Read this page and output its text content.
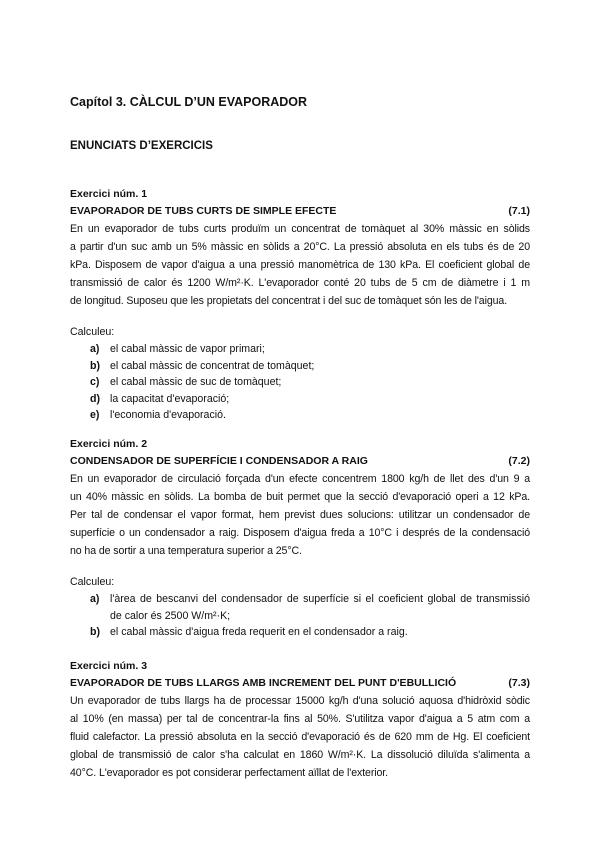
Capítol 3. CÀLCUL D’UN EVAPORADOR
ENUNCIATS D’EXERCICIS
Exercici núm. 1
EVAPORADOR DE TUBS CURTS DE SIMPLE EFECTE	(7.1)
En un evaporador de tubs curts produïm un concentrat de tomàquet al 30% màssic en sòlids
a partir d'un suc amb un 5% màssic en sòlids a 20°C. La pressió absoluta en els tubs és de 20
kPa. Disposem de vapor d'aigua a una pressió manomètrica de 130 kPa. El coeficient global de
transmissió de calor és 1200 W/m²·K. L'evaporador conté 20 tubs de 5 cm de diàmetre i 1 m
de longitud. Suposeu que les propietats del concentrat i del suc de tomàquet són les de l'aigua.
Calculeu:
a) el cabal màssic de vapor primari;
b) el cabal màssic de concentrat de tomàquet;
c) el cabal màssic de suc de tomàquet;
d) la capacitat d'evaporació;
e) l'economia d'evaporació.
Exercici núm. 2
CONDENSADOR DE SUPERFÍCIE I CONDENSADOR A RAIG	(7.2)
En un evaporador de circulació forçada d'un efecte concentrem 1800 kg/h de llet des d'un 9 a
un 40% màssic en sòlids. La bomba de buit permet que la secció d'evaporació operi a 12 kPa.
Per tal de condensar el vapor format, hem previst dues solucions: utilitzar un condensador de
superfície o un condensador a raig. Disposem d'aigua freda a 10°C i després de la condensació
no ha de sortir a una temperatura superior a 25°C.
Calculeu:
a) l'àrea de bescanvi del condensador de superfície si el coeficient global de transmissió
de calor és 2500 W/m²·K;
b) el cabal màssic d'aigua freda requerit en el condensador a raig.
Exercici núm. 3
EVAPORADOR DE TUBS LLARGS AMB INCREMENT DEL PUNT D'EBULLICIÓ	(7.3)
Un evaporador de tubs llargs ha de processar 15000 kg/h d'una solució aquosa d'hidròxid sòdic
al 10% (en massa) per tal de concentrar-la fins al 50%. S'utilitza vapor d'aigua a 5 atm com a
fluid calefactor. La pressió absoluta en la secció d'evaporació és de 620 mm de Hg. El coeficient
global de transmissió de calor s'ha calculat en 1860 W/m²·K. La dissolució diluïda s'alimenta a
40°C. L'evaporador es pot considerar perfectament aïllat de l'exterior.
